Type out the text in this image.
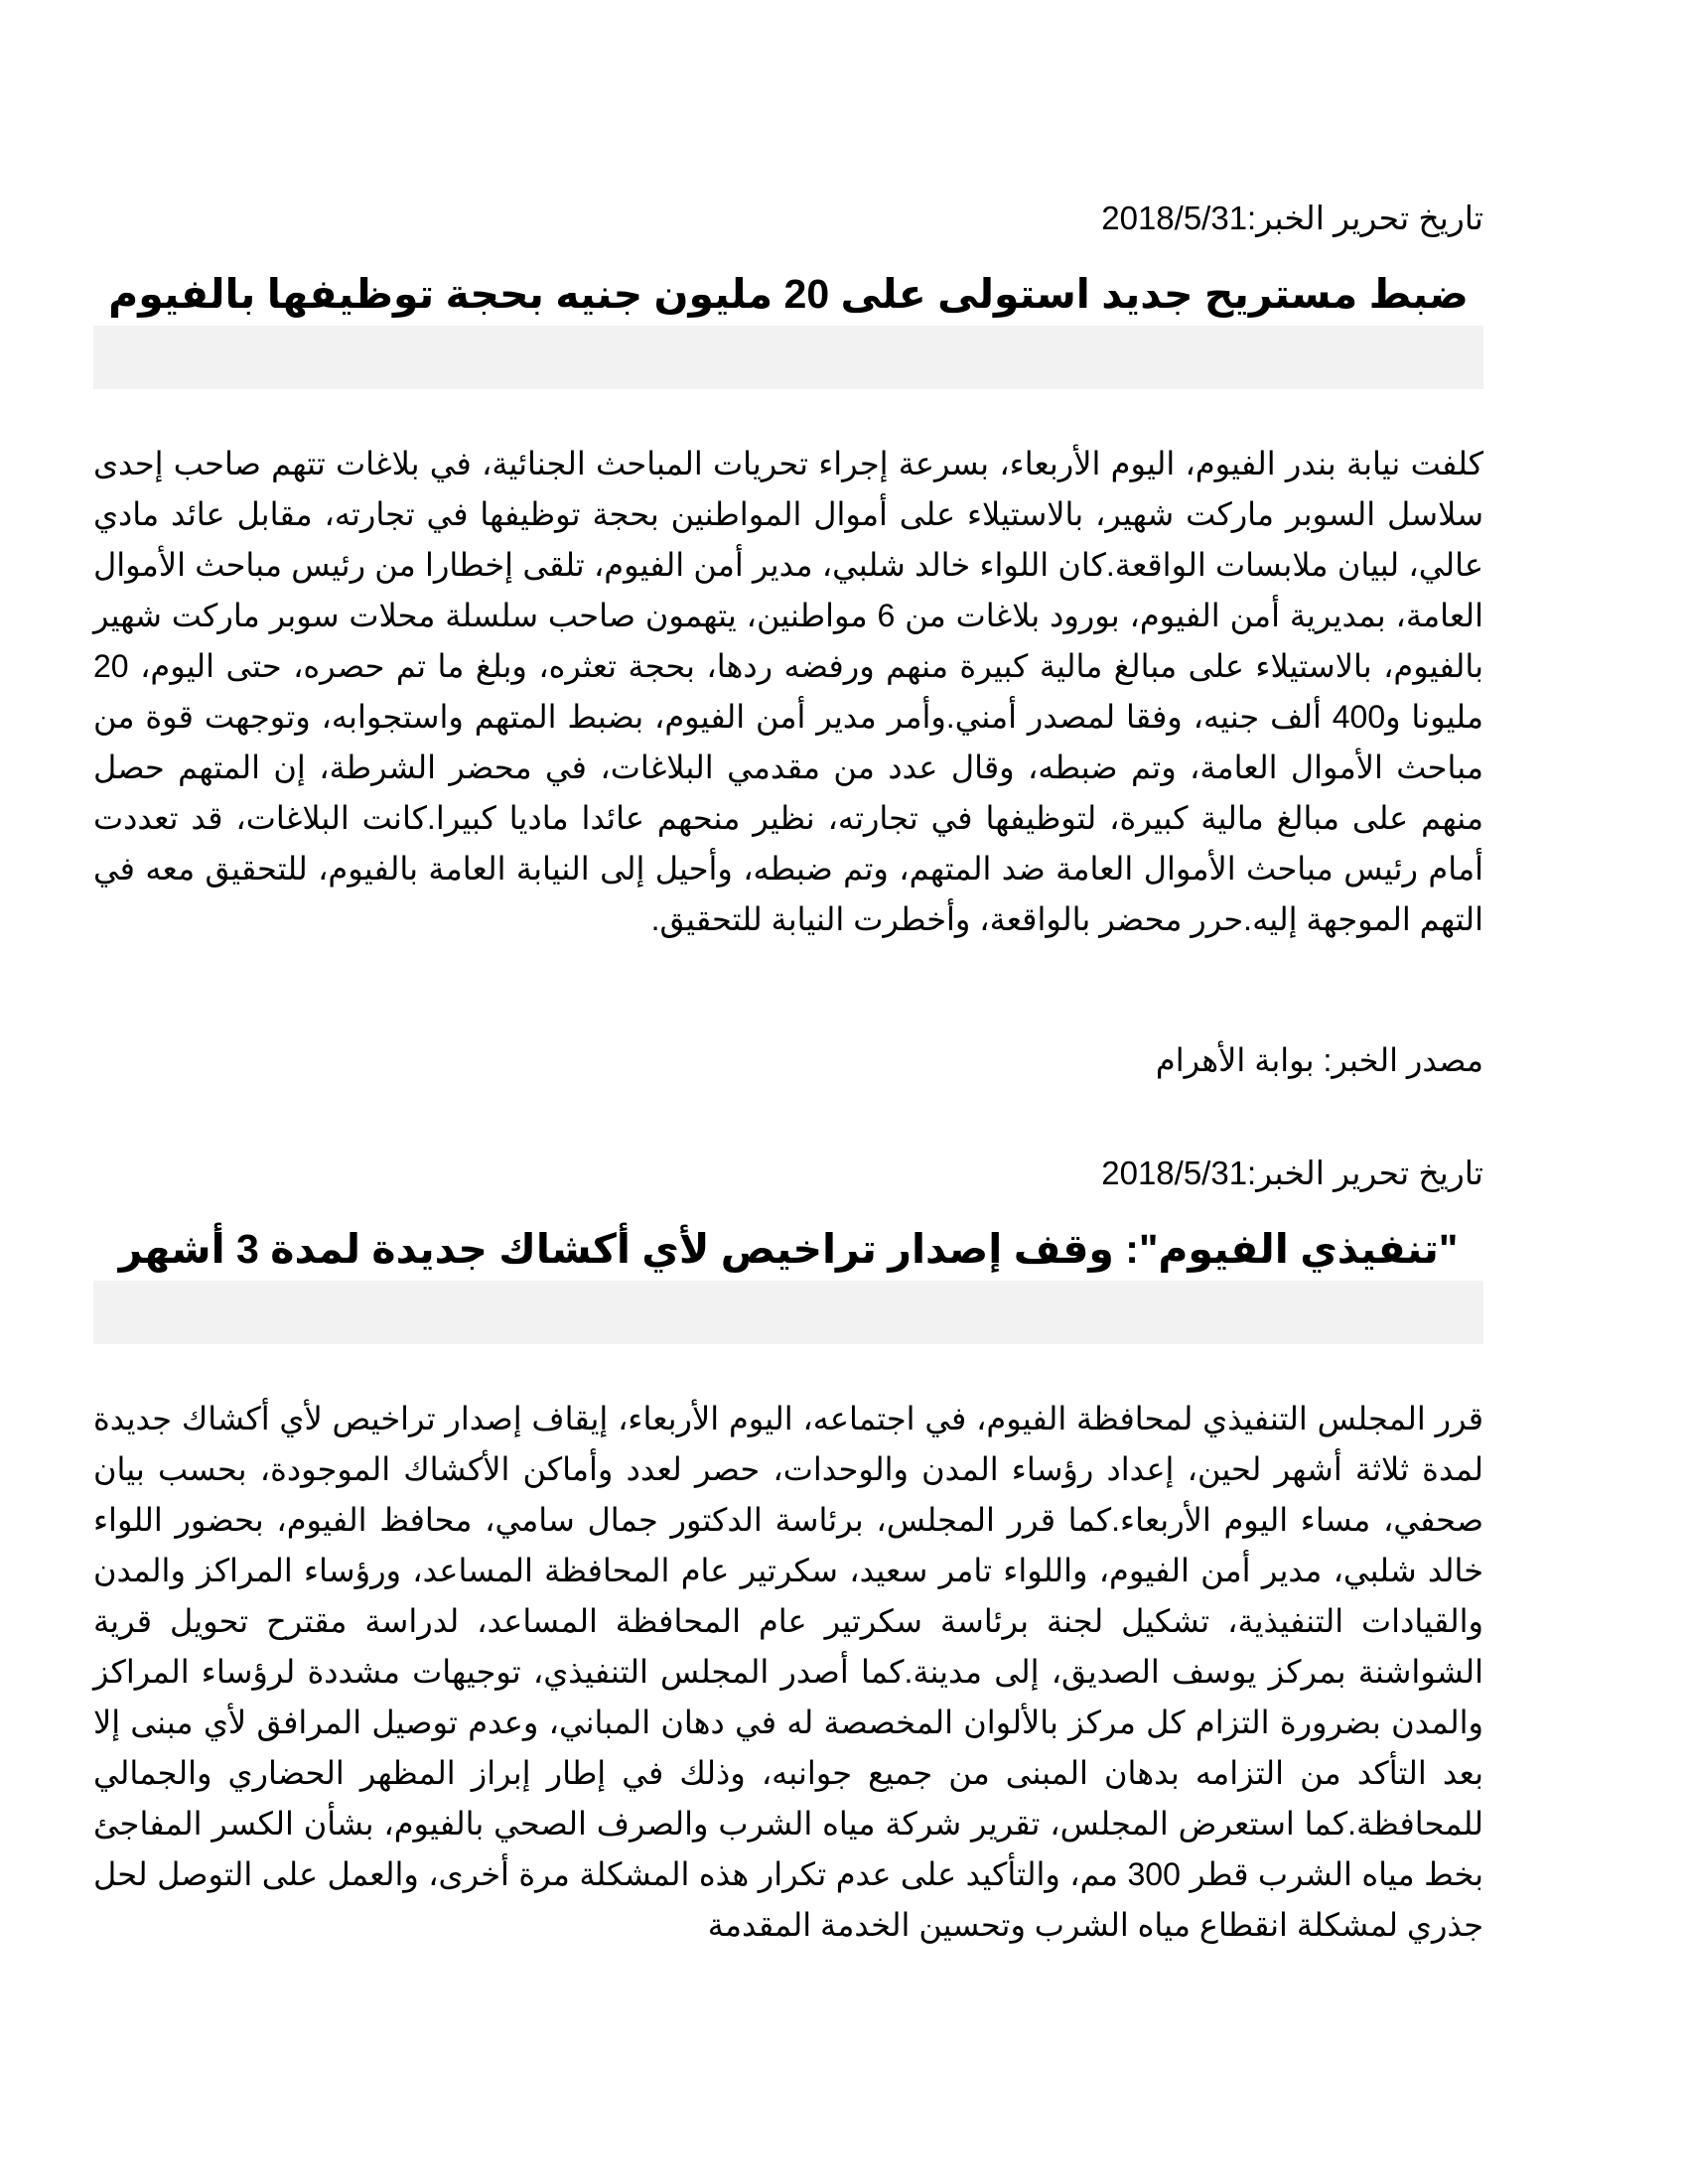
تاريخ تحرير الخبر:2018/5/31

ضبط مستريح جديد استولى على 20 مليون جنيه بحجة توظيفها بالفيوم

كلفت نيابة بندر الفيوم، اليوم الأربعاء، بسرعة إجراء تحريات المباحث الجنائية، في بلاغات تتهم صاحب إحدى سلاسل السوبر ماركت شهير، بالاستيلاء على أموال المواطنين بحجة توظيفها في تجارته، مقابل عائد مادي عالي، لبيان ملابسات الواقعة.كان اللواء خالد شلبي، مدير أمن الفيوم، تلقى إخطارا من رئيس مباحث الأموال العامة، بمديرية أمن الفيوم، بورود بلاغات من 6 مواطنين، يتهمون صاحب سلسلة محلات سوبر ماركت شهير بالفيوم، بالاستيلاء على مبالغ مالية كبيرة منهم ورفضه ردها، بحجة تعثره، وبلغ ما تم حصره، حتى اليوم، 20 مليونا و400 ألف جنيه، وفقا لمصدر أمني.وأمر مدير أمن الفيوم، بضبط المتهم واستجوابه، وتوجهت قوة من مباحث الأموال العامة، وتم ضبطه، وقال عدد من مقدمي البلاغات، في محضر الشرطة، إن المتهم حصل منهم على مبالغ مالية كبيرة، لتوظيفها في تجارته، نظير منحهم عائدا ماديا كبيرا.كانت البلاغات، قد تعددت أمام رئيس مباحث الأموال العامة ضد المتهم، وتم ضبطه، وأحيل إلى النيابة العامة بالفيوم، للتحقيق معه في التهم الموجهة إليه.حرر محضر بالواقعة، وأخطرت النيابة للتحقيق.

مصدر الخبر: بوابة الأهرام

تاريخ تحرير الخبر:2018/5/31

"تنفيذي الفيوم": وقف إصدار تراخيص لأي أكشاك جديدة لمدة 3 أشهر

قرر المجلس التنفيذي لمحافظة الفيوم، في اجتماعه، اليوم الأربعاء، إيقاف إصدار تراخيص لأي أكشاك جديدة لمدة ثلاثة أشهر لحين، إعداد رؤساء المدن والوحدات، حصر لعدد وأماكن الأكشاك الموجودة، بحسب بيان صحفي، مساء اليوم الأربعاء.كما قرر المجلس، برئاسة الدكتور جمال سامي، محافظ الفيوم، بحضور اللواء خالد شلبي، مدير أمن الفيوم، واللواء تامر سعيد، سكرتير عام المحافظة المساعد، ورؤساء المراكز والمدن والقيادات التنفيذية، تشكيل لجنة برئاسة سكرتير عام المحافظة المساعد، لدراسة مقترح تحويل قرية الشواشنة بمركز يوسف الصديق، إلى مدينة.كما أصدر المجلس التنفيذي، توجيهات مشددة لرؤساء المراكز والمدن بضرورة التزام كل مركز بالألوان المخصصة له في دهان المباني، وعدم توصيل المرافق لأي مبنى إلا بعد التأكد من التزامه بدهان المبنى من جميع جوانبه، وذلك في إطار إبراز المظهر الحضاري والجمالي للمحافظة.كما استعرض المجلس، تقرير شركة مياه الشرب والصرف الصحي بالفيوم، بشأن الكسر المفاجئ بخط مياه الشرب قطر 300 مم، والتأكيد على عدم تكرار هذه المشكلة مرة أخرى، والعمل على التوصل لحل جذري لمشكلة انقطاع مياه الشرب وتحسين الخدمة المقدمة
